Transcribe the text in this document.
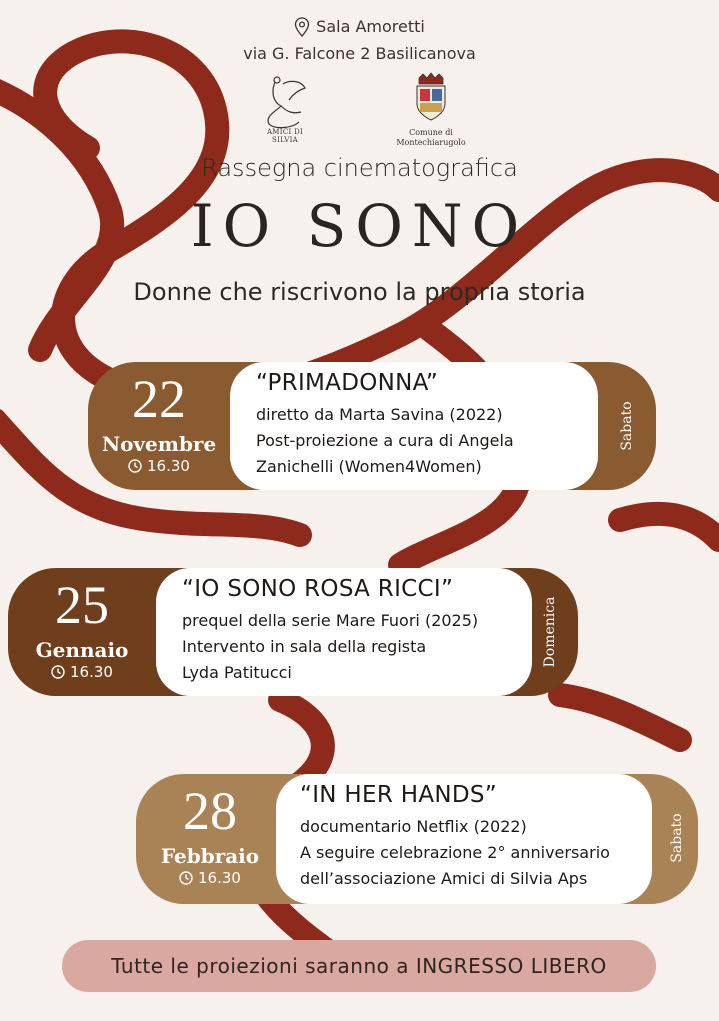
Sala Amoretti
via G. Falcone 2 Basilicanova
AMICI DI SILVIA
Comune di
Montechiarugolo
Rassegna cinematografica
IO SONO
Donne che riscrivono la propria storia
22
Novembre
16.30
“PRIMADONNA”
diretto da Marta Savina (2022)
Post-proiezione a cura di Angela
Zanichelli (Women4Women)
Sabato
25
Gennaio
16.30
“IO SONO ROSA RICCI”
prequel della serie Mare Fuori (2025)
Intervento in sala della regista
Lyda Patitucci
Domenica
28
Febbraio
16.30
“IN HER HANDS”
documentario Netflix (2022)
A seguire celebrazione 2° anniversario
dell’associazione Amici di Silvia Aps
Sabato
Tutte le proiezioni saranno a INGRESSO LIBERO
